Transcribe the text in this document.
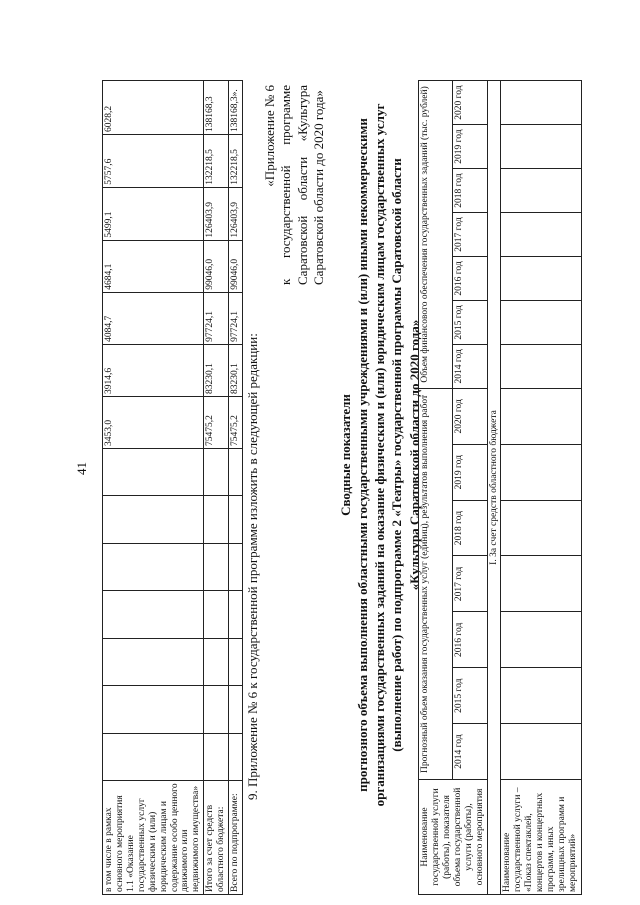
41
в том числе в рамках основного мероприятия 1.1 «Оказание государственных услуг физическим и (или) юридическим лицам и содержание особо ценного движимого или недвижимого имущества»								3453,0	3914,6	4084,7	4684,1	5499,1	5757,6	6028,2
Итого за счет средств областного бюджета:								75475,2	83230,1	97724,1	99046,0	126403,9	132218,5	138168,3
Всего по подпрограмме:								75475,2	83230,1	97724,1	99046,0	126403,9	132218,5	138168,3».
9. Приложение № 6 к государственной программе изложить в следующей редакции:
«Приложение № 6 к государственной программе Саратовской области «Культура Саратовской области до 2020 года»
Сводные показатели прогнозного объема выполнения областными государственными учреждениями и (или) иными некоммерческими организациями государственных заданий на оказание физическим и (или) юридическим лицам государственных услуг (выполнение работ) по подпрограмме 2 «Театры» государственной программы Саратовской области «Культура Саратовской области до 2020 года»
Наименование государственной услуги (работы), показателя объема государственной услуги (работы), основного мероприятия	Прогнозный объем оказания государственных услуг (единиц), результатов выполнения работ							Объем финансового обеспечения государственных заданий (тыс. рублей)						
	2014 год	2015 год	2016 год	2017 год	2018 год	2019 год	2020 год	2014 год	2015 год	2016 год	2017 год	2018 год	2019 год	2020 год
I. За счет средств областного бюджета														
Наименование государственной услуги – «Показ спектаклей, концертов и концертных программ, иных зрелищных программ и мероприятий»														
